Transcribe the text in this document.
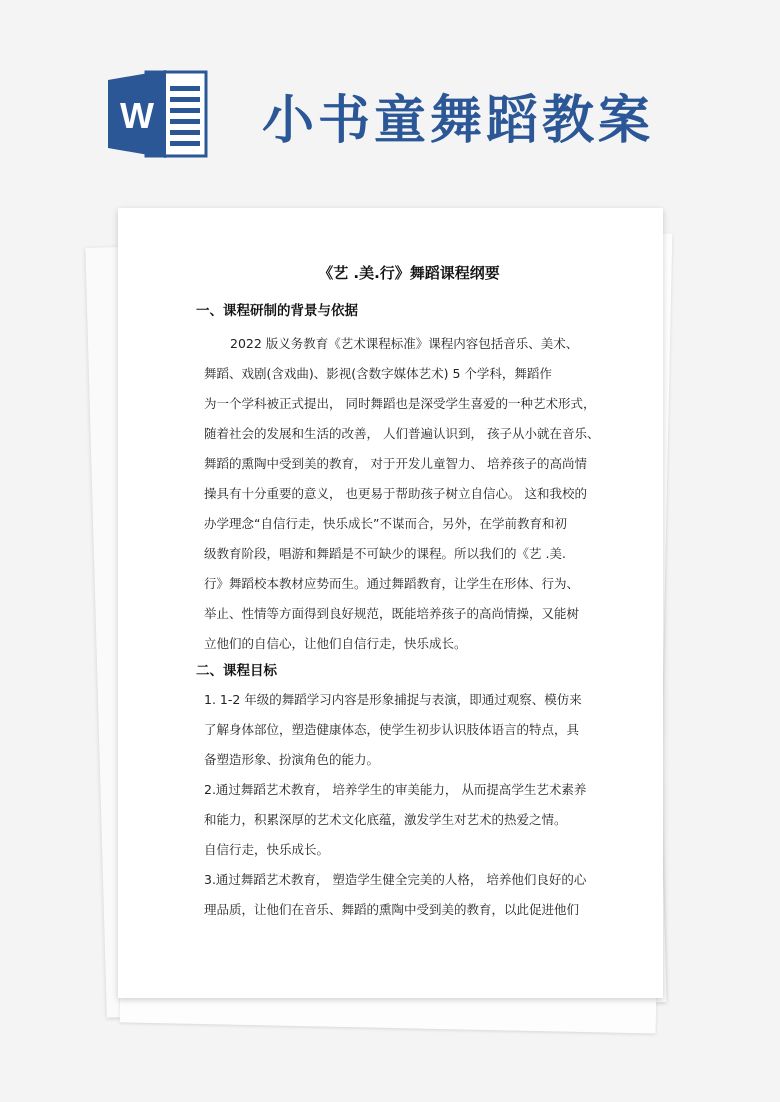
W 小书童舞蹈教案
《艺 .美.行》舞蹈课程纲要
一、课程研制的背景与依据
2022 版义务教育《艺术课程标准》课程内容包括音乐、美术、
舞蹈、戏剧(含戏曲)、影视(含数字媒体艺术) 5 个学科，舞蹈作
为一个学科被正式提出， 同时舞蹈也是深受学生喜爱的一种艺术形式，
随着社会的发展和生活的改善， 人们普遍认识到， 孩子从小就在音乐、
舞蹈的熏陶中受到美的教育， 对于开发儿童智力、 培养孩子的高尚情
操具有十分重要的意义， 也更易于帮助孩子树立自信心。 这和我校的
办学理念“自信行走，快乐成长”不谋而合，另外，在学前教育和初
级教育阶段，唱游和舞蹈是不可缺少的课程。所以我们的《艺 .美.
行》舞蹈校本教材应势而生。通过舞蹈教育，让学生在形体、行为、
举止、性情等方面得到良好规范，既能培养孩子的高尚情操，又能树
立他们的自信心，让他们自信行走，快乐成长。
二、课程目标
1. 1-2 年级的舞蹈学习内容是形象捕捉与表演，即通过观察、模仿来
了解身体部位，塑造健康体态，使学生初步认识肢体语言的特点，具
备塑造形象、扮演角色的能力。
2.通过舞蹈艺术教育， 培养学生的审美能力， 从而提高学生艺术素养
和能力，积累深厚的艺术文化底蕴，激发学生对艺术的热爱之情。
自信行走，快乐成长。
3.通过舞蹈艺术教育， 塑造学生健全完美的人格， 培养他们良好的心
理品质，让他们在音乐、舞蹈的熏陶中受到美的教育，以此促进他们
